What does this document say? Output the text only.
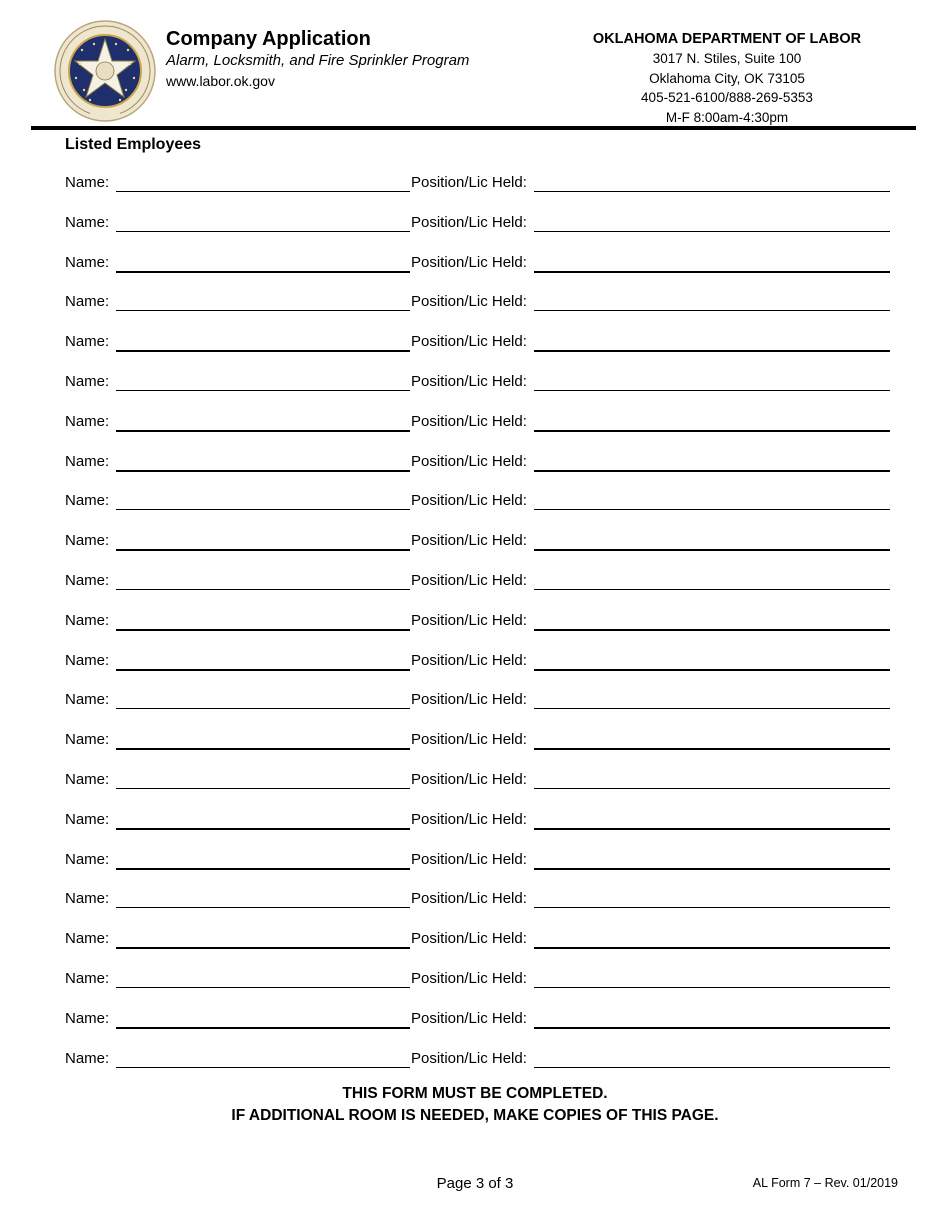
Company Application
Alarm, Locksmith, and Fire Sprinkler Program
www.labor.ok.gov
OKLAHOMA DEPARTMENT OF LABOR
3017 N. Stiles, Suite 100
Oklahoma City, OK 73105
405-521-6100/888-269-5353
M-F 8:00am-4:30pm
Listed Employees
Name:	Position/Lic Held:
Name:	Position/Lic Held:
Name:	Position/Lic Held:
Name:	Position/Lic Held:
Name:	Position/Lic Held:
Name:	Position/Lic Held:
Name:	Position/Lic Held:
Name:	Position/Lic Held:
Name:	Position/Lic Held:
Name:	Position/Lic Held:
Name:	Position/Lic Held:
Name:	Position/Lic Held:
Name:	Position/Lic Held:
Name:	Position/Lic Held:
Name:	Position/Lic Held:
Name:	Position/Lic Held:
Name:	Position/Lic Held:
Name:	Position/Lic Held:
Name:	Position/Lic Held:
Name:	Position/Lic Held:
Name:	Position/Lic Held:
Name:	Position/Lic Held:
Name:	Position/Lic Held:
THIS FORM MUST BE COMPLETED.
IF ADDITIONAL ROOM IS NEEDED, MAKE COPIES OF THIS PAGE.
Page 3 of 3	AL Form 7 – Rev. 01/2019
